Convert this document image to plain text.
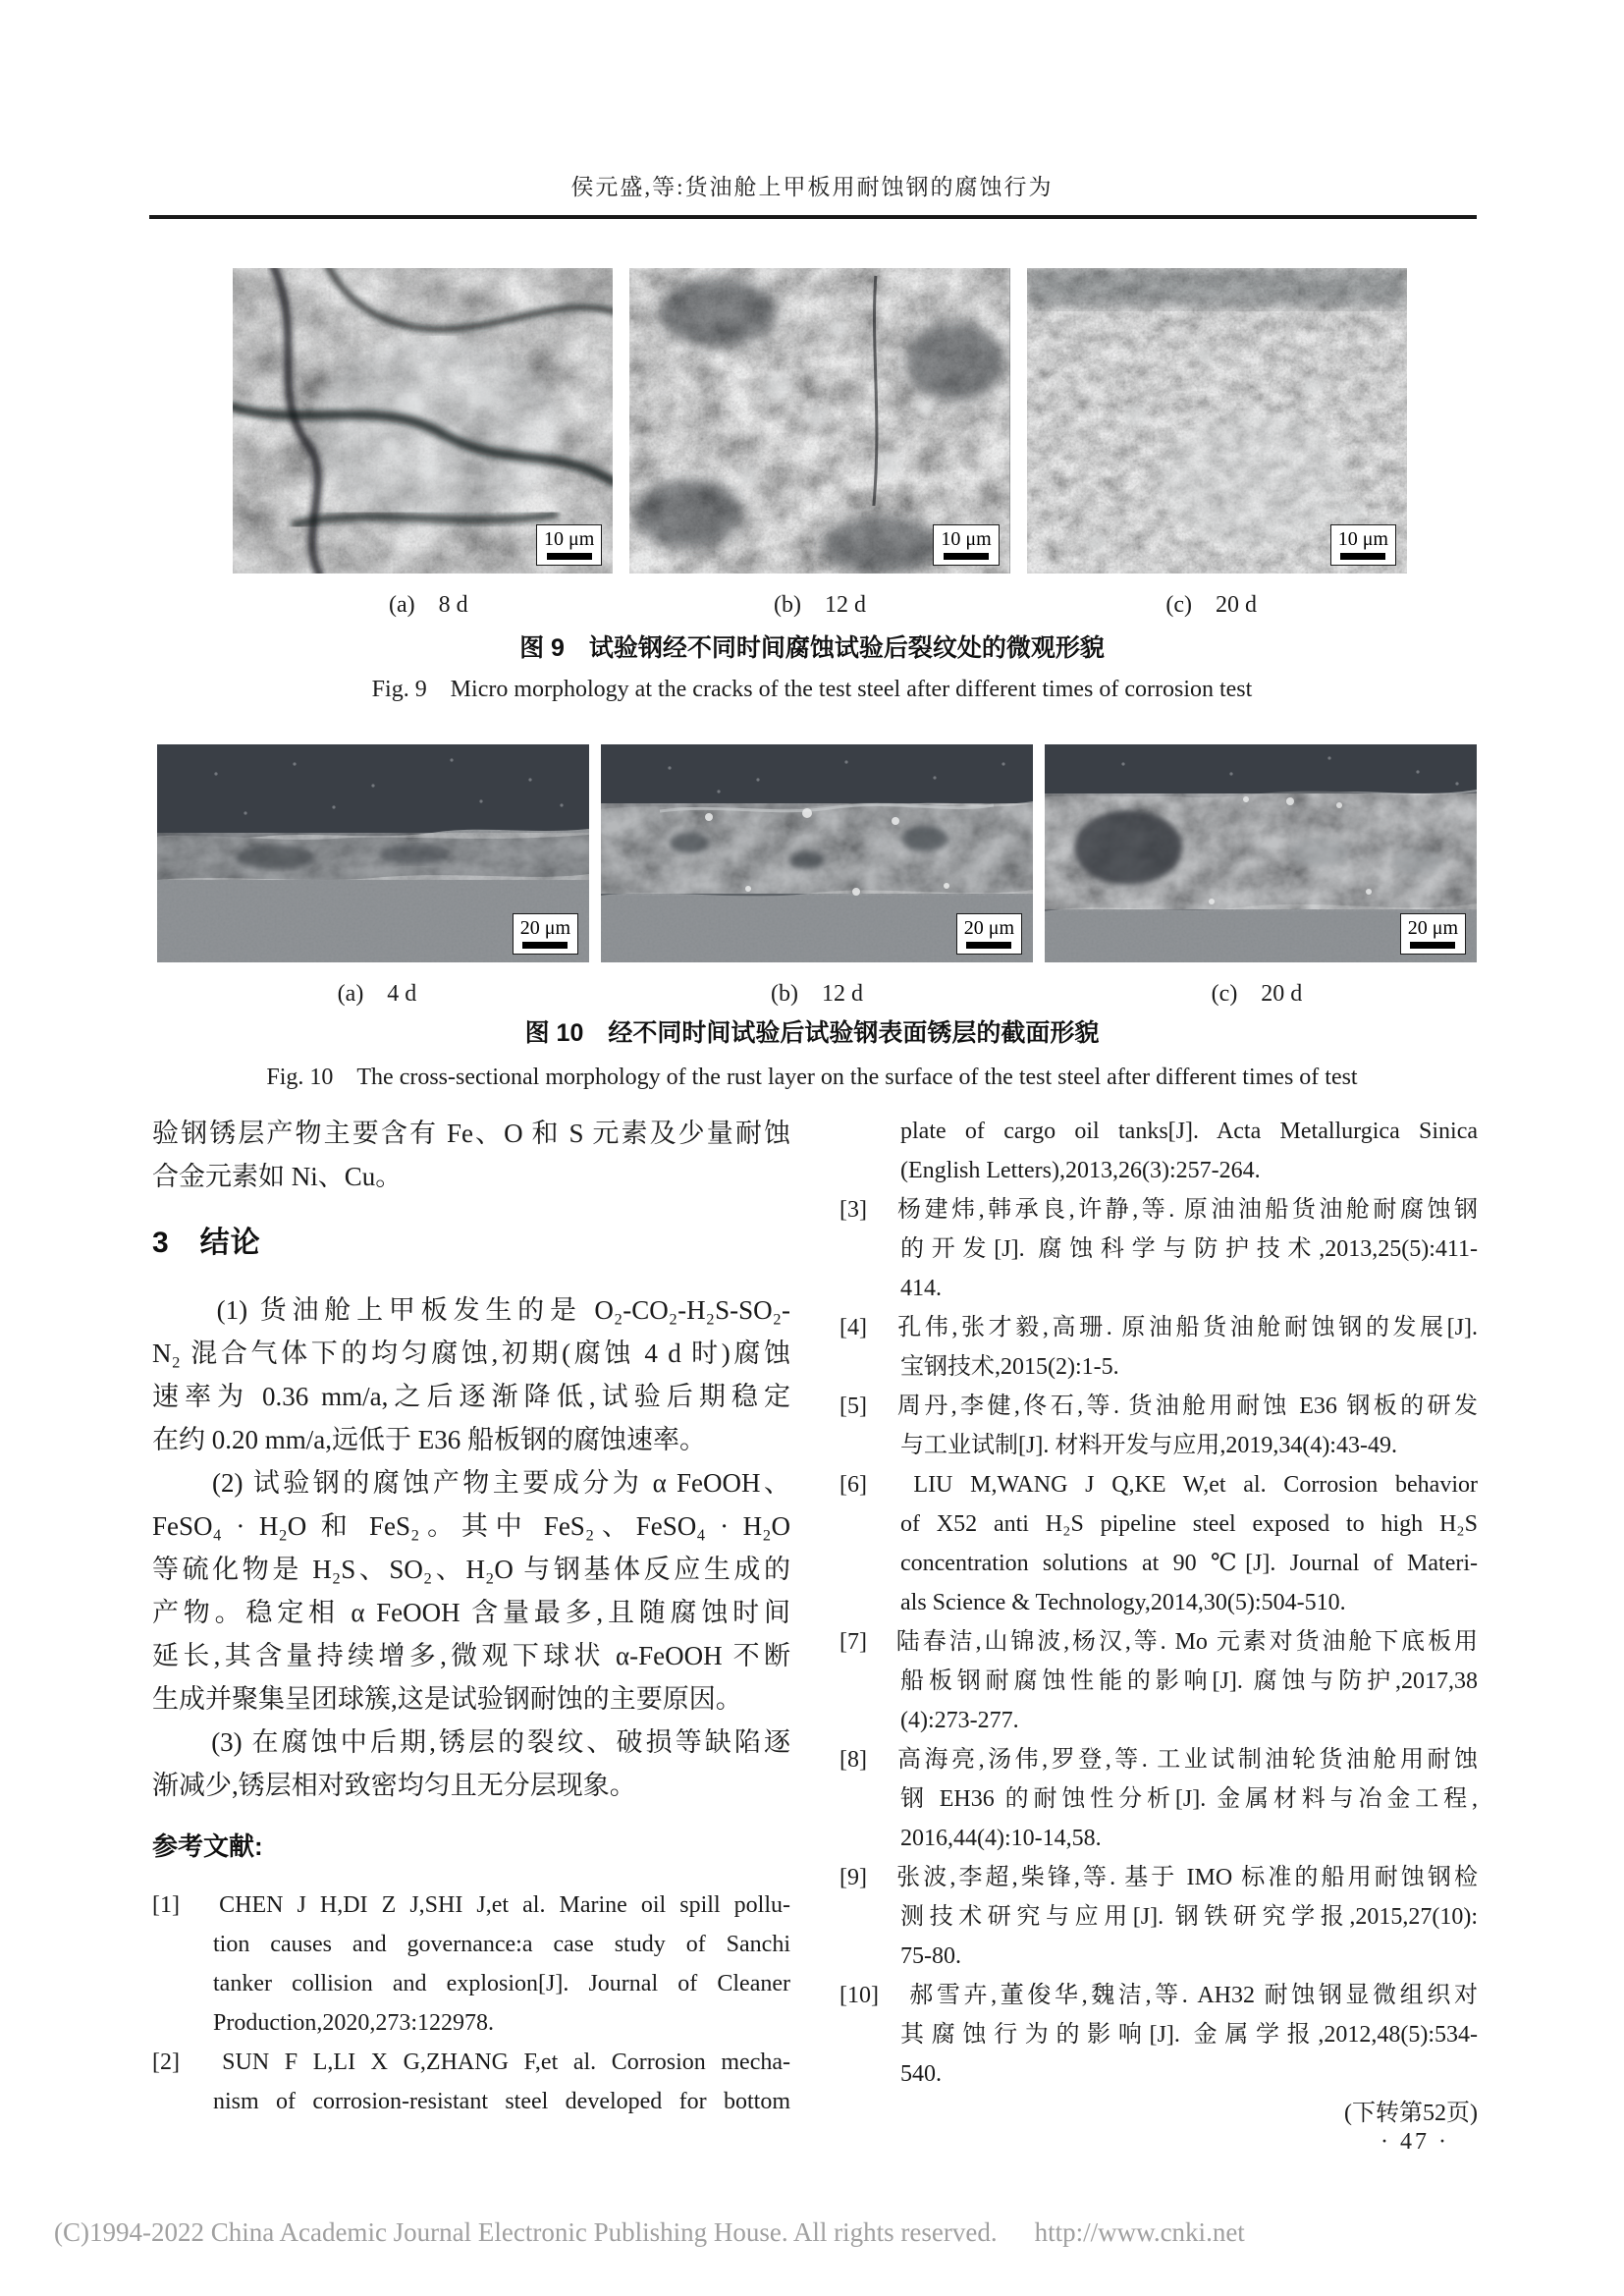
侯元盛,等:货油舱上甲板用耐蚀钢的腐蚀行为
10 μm	10 μm	10 μm
(a)　8 d	(b)　12 d	(c)　20 d
图 9　试验钢经不同时间腐蚀试验后裂纹处的微观形貌
Fig. 9　Micro morphology at the cracks of the test steel after different times of corrosion test
20 μm	20 μm	20 μm
(a)　4 d	(b)　12 d	(c)　20 d
图 10　经不同时间试验后试验钢表面锈层的截面形貌
Fig. 10　The cross-sectional morphology of the rust layer on the surface of the test steel after different times of test
验钢锈层产物主要含有 Fe、O 和 S 元素及少量耐蚀
合金元素如 Ni、Cu。
3　结论
　　(1) 货油舱上甲板发生的是 O₂-CO₂-H₂S-SO₂-
N₂ 混合气体下的均匀腐蚀,初期(腐蚀 4 d 时)腐蚀
速率为 0.36 mm/a,之后逐渐降低,试验后期稳定
在约 0.20 mm/a,远低于 E36 船板钢的腐蚀速率。
　　(2) 试验钢的腐蚀产物主要成分为 α FeOOH、
FeSO₄ · H₂O 和 FeS₂。其中 FeS₂、FeSO₄ · H₂O
等硫化物是 H₂S、SO₂、H₂O 与钢基体反应生成的
产物。稳定相 α FeOOH 含量最多,且随腐蚀时间
延长,其含量持续增多,微观下球状 α-FeOOH 不断
生成并聚集呈团球簇,这是试验钢耐蚀的主要原因。
　　(3) 在腐蚀中后期,锈层的裂纹、破损等缺陷逐
渐减少,锈层相对致密均匀且无分层现象。
参考文献:
[1]　CHEN J H,DI Z J,SHI J,et al. Marine oil spill pollu-
tion causes and governance:a case study of Sanchi
tanker collision and explosion[J]. Journal of Cleaner
Production,2020,273:122978.
[2]　SUN F L,LI X G,ZHANG F,et al. Corrosion mecha-
nism of corrosion-resistant steel developed for bottom
plate of cargo oil tanks[J]. Acta Metallurgica Sinica
(English Letters),2013,26(3):257-264.
[3]　杨建炜,韩承良,许静,等. 原油油船货油舱耐腐蚀钢
的开发[J]. 腐蚀科学与防护技术,2013,25(5):411-
414.
[4]　孔伟,张才毅,高珊. 原油船货油舱耐蚀钢的发展[J].
宝钢技术,2015(2):1-5.
[5]　周丹,李健,佟石,等. 货油舱用耐蚀 E36 钢板的研发
与工业试制[J]. 材料开发与应用,2019,34(4):43-49.
[6]　LIU M,WANG J Q,KE W,et al. Corrosion behavior
of X52 anti H₂S pipeline steel exposed to high H₂S
concentration solutions at 90 ℃[J]. Journal of Materi-
als Science & Technology,2014,30(5):504-510.
[7]　陆春洁,山锦波,杨汉,等. Mo 元素对货油舱下底板用
船板钢耐腐蚀性能的影响[J]. 腐蚀与防护,2017,38
(4):273-277.
[8]　高海亮,汤伟,罗登,等. 工业试制油轮货油舱用耐蚀
钢 EH36 的耐蚀性分析[J]. 金属材料与冶金工程,
2016,44(4):10-14,58.
[9]　张波,李超,柴锋,等. 基于 IMO 标准的船用耐蚀钢检
测技术研究与应用[J]. 钢铁研究学报,2015,27(10):
75-80.
[10]　郝雪卉,董俊华,魏洁,等. AH32 耐蚀钢显微组织对
其腐蚀行为的影响[J]. 金属学报,2012,48(5):534-
540.
(下转第52页)
· 47 ·
(C)1994-2022 China Academic Journal Electronic Publishing House. All rights reserved. http://www.cnki.net
